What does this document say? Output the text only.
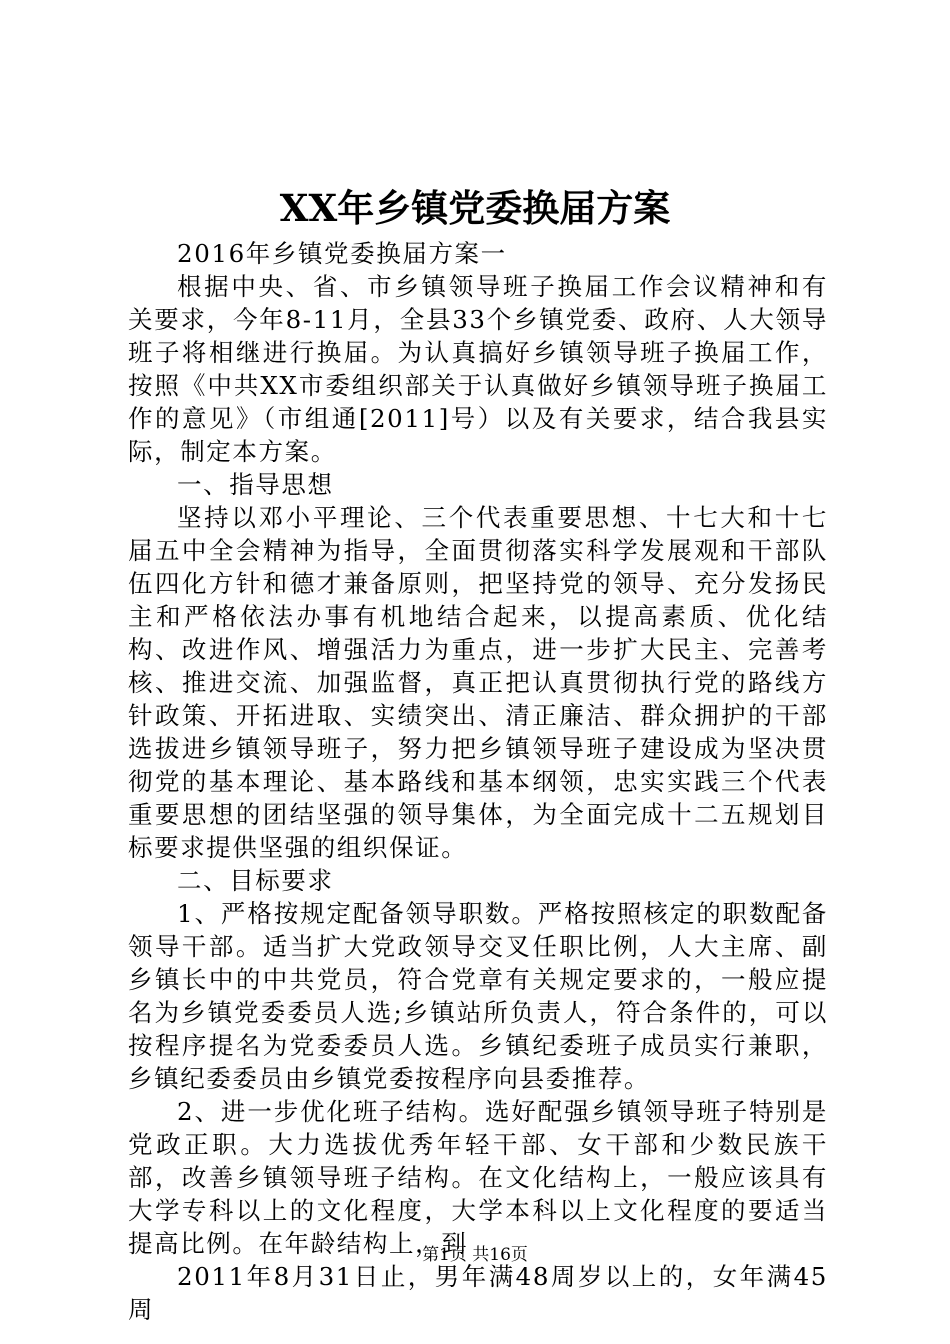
XX年乡镇党委换届方案

2016年乡镇党委换届方案一

根据中央、省、市乡镇领导班子换届工作会议精神和有关要求，今年8-11月，全县33个乡镇党委、政府、人大领导班子将相继进行换届。为认真搞好乡镇领导班子换届工作，按照《中共XX市委组织部关于认真做好乡镇领导班子换届工作的意见》（市组通[2011]号）以及有关要求，结合我县实际，制定本方案。

一、指导思想

坚持以邓小平理论、三个代表重要思想、十七大和十七届五中全会精神为指导，全面贯彻落实科学发展观和干部队伍四化方针和德才兼备原则，把坚持党的领导、充分发扬民主和严格依法办事有机地结合起来，以提高素质、优化结构、改进作风、增强活力为重点，进一步扩大民主、完善考核、推进交流、加强监督，真正把认真贯彻执行党的路线方针政策、开拓进取、实绩突出、清正廉洁、群众拥护的干部选拔进乡镇领导班子，努力把乡镇领导班子建设成为坚决贯彻党的基本理论、基本路线和基本纲领，忠实实践三个代表重要思想的团结坚强的领导集体，为全面完成十二五规划目标要求提供坚强的组织保证。

二、目标要求

1、严格按规定配备领导职数。严格按照核定的职数配备领导干部。适当扩大党政领导交叉任职比例，人大主席、副乡镇长中的中共党员，符合党章有关规定要求的，一般应提名为乡镇党委委员人选;乡镇站所负责人，符合条件的，可以按程序提名为党委委员人选。乡镇纪委班子成员实行兼职，乡镇纪委委员由乡镇党委按程序向县委推荐。

2、进一步优化班子结构。选好配强乡镇领导班子特别是党政正职。大力选拔优秀年轻干部、女干部和少数民族干部，改善乡镇领导班子结构。在文化结构上，一般应该具有大学专科以上的文化程度，大学本科以上文化程度的要适当提高比例。在年龄结构上，到

2011年8月31日止，男年满48周岁以上的，女年满45周

第1页 共16页
